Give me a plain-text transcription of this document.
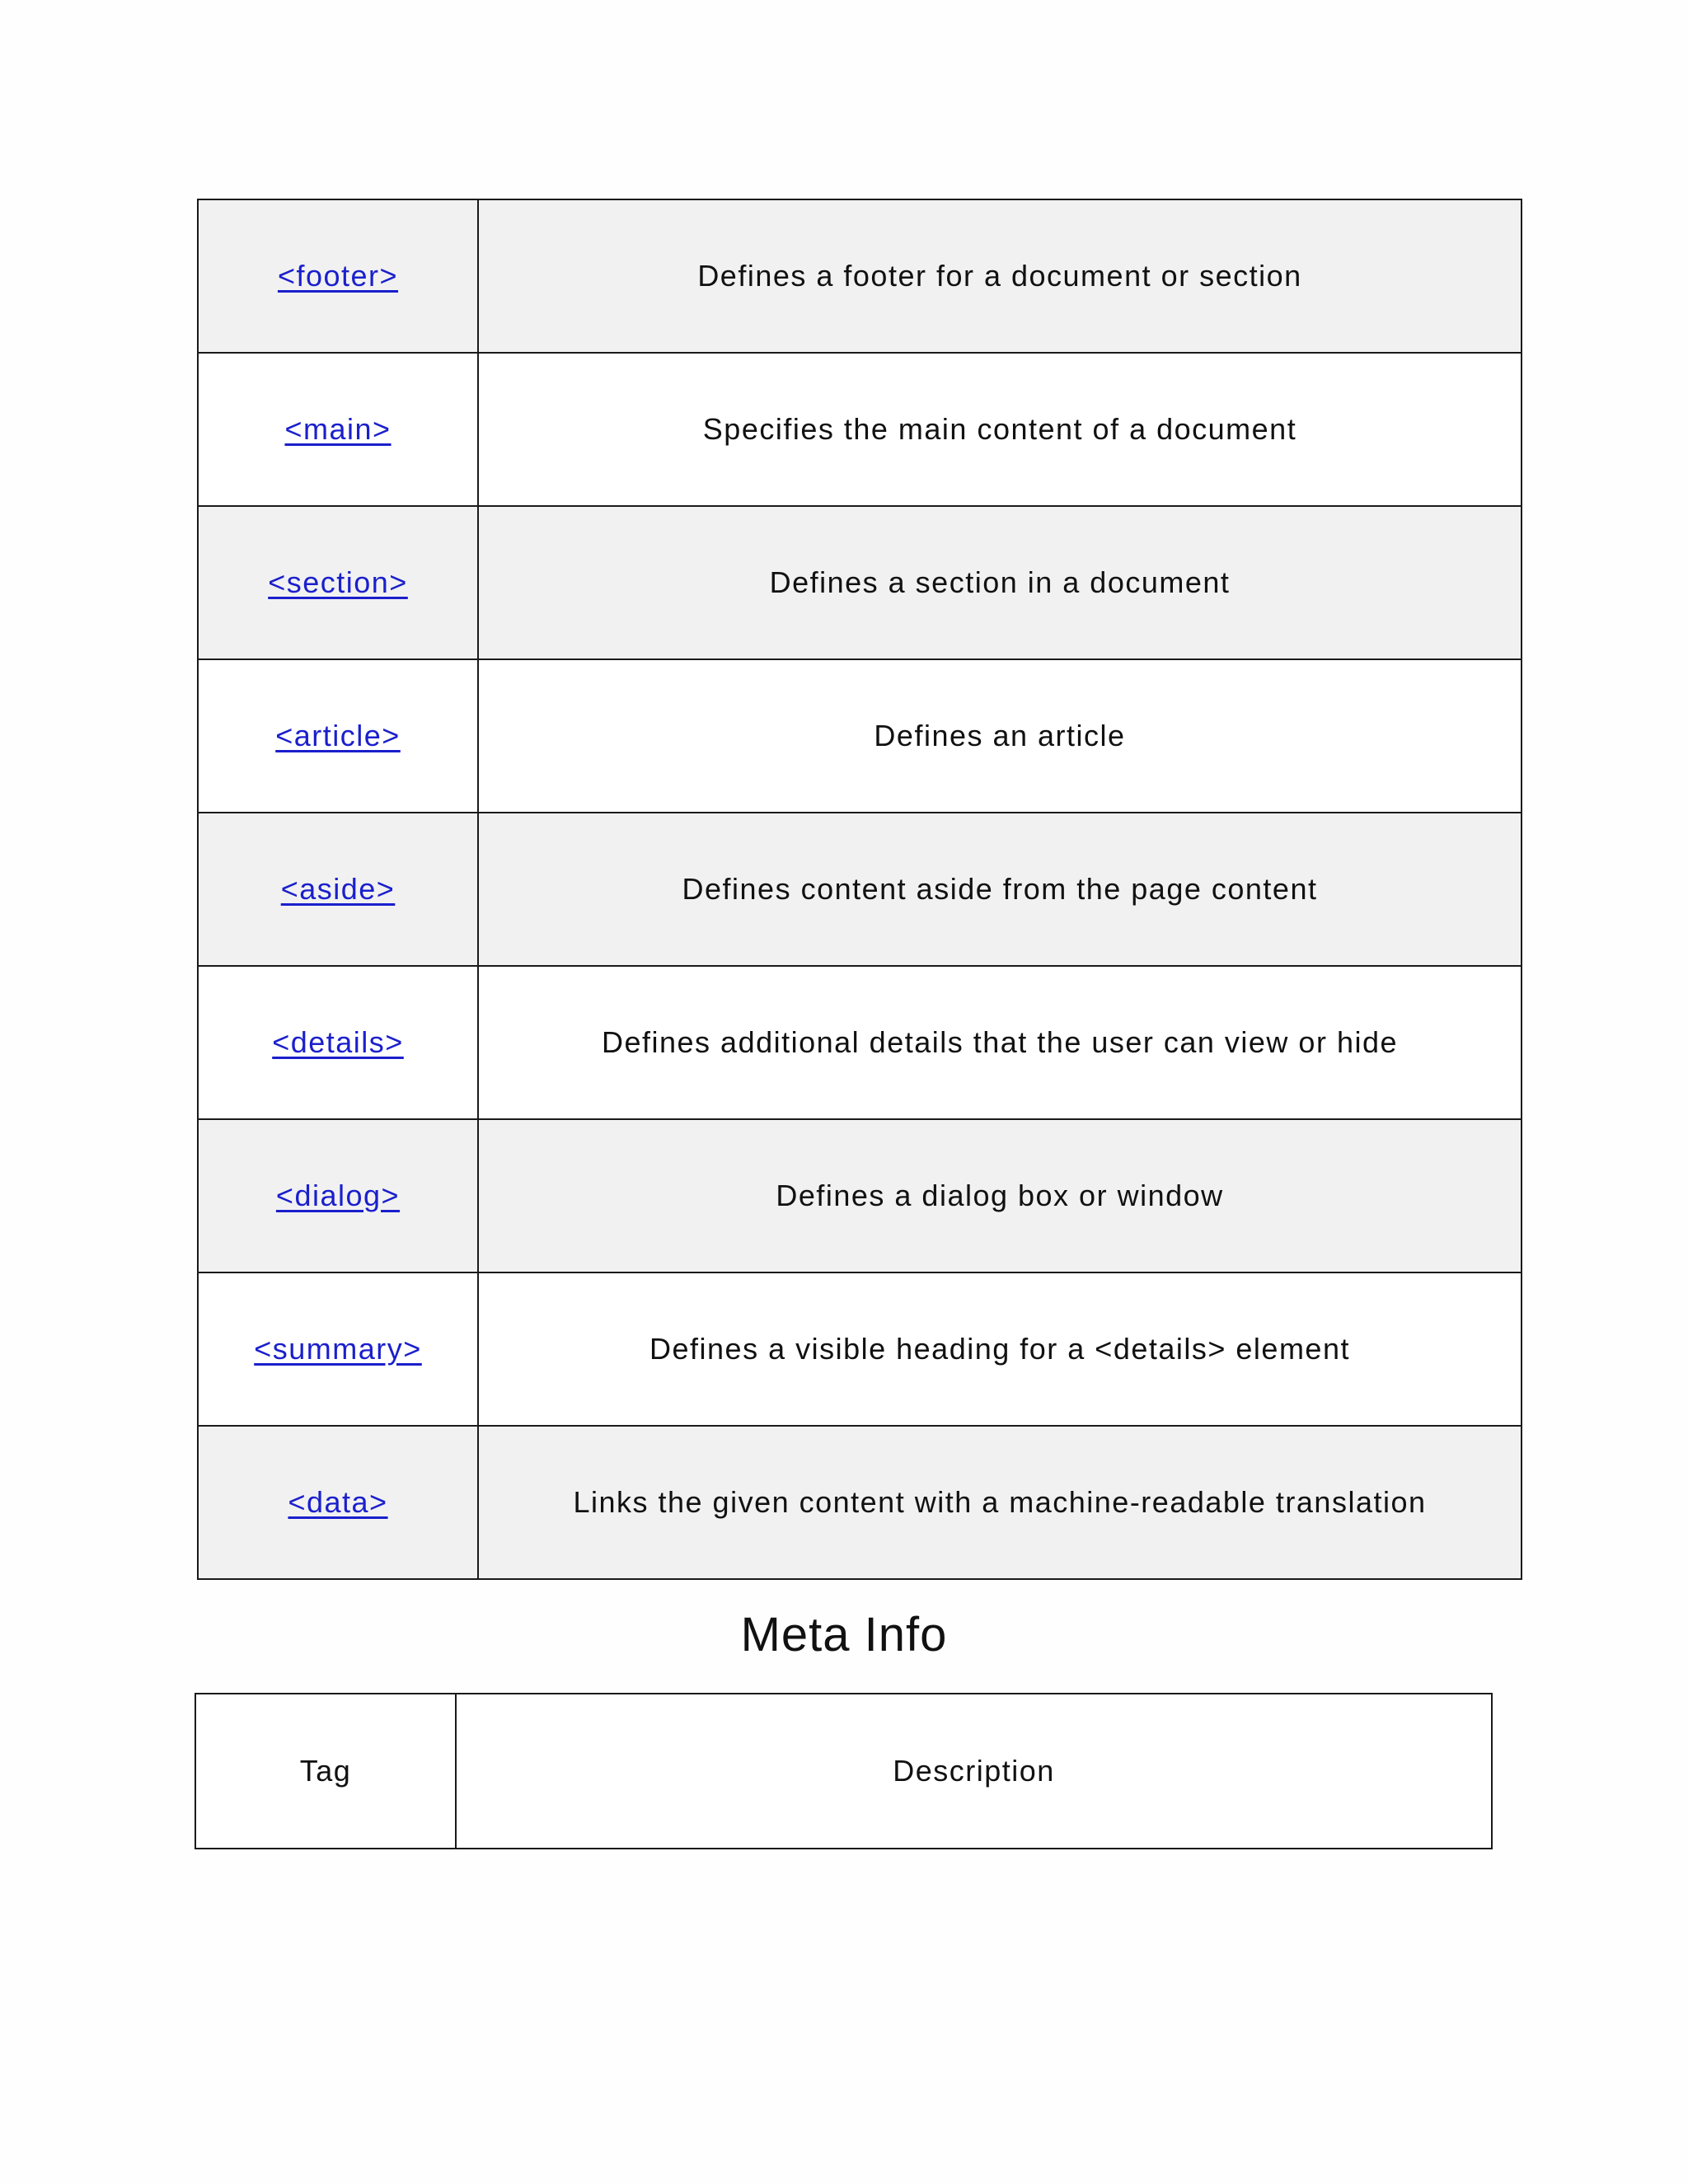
<footer>	Defines a footer for a document or section
<main>	Specifies the main content of a document
<section>	Defines a section in a document
<article>	Defines an article
<aside>	Defines content aside from the page content
<details>	Defines additional details that the user can view or hide
<dialog>	Defines a dialog box or window
<summary>	Defines a visible heading for a <details> element
<data>	Links the given content with a machine-readable translation
Meta Info
Tag	Description
